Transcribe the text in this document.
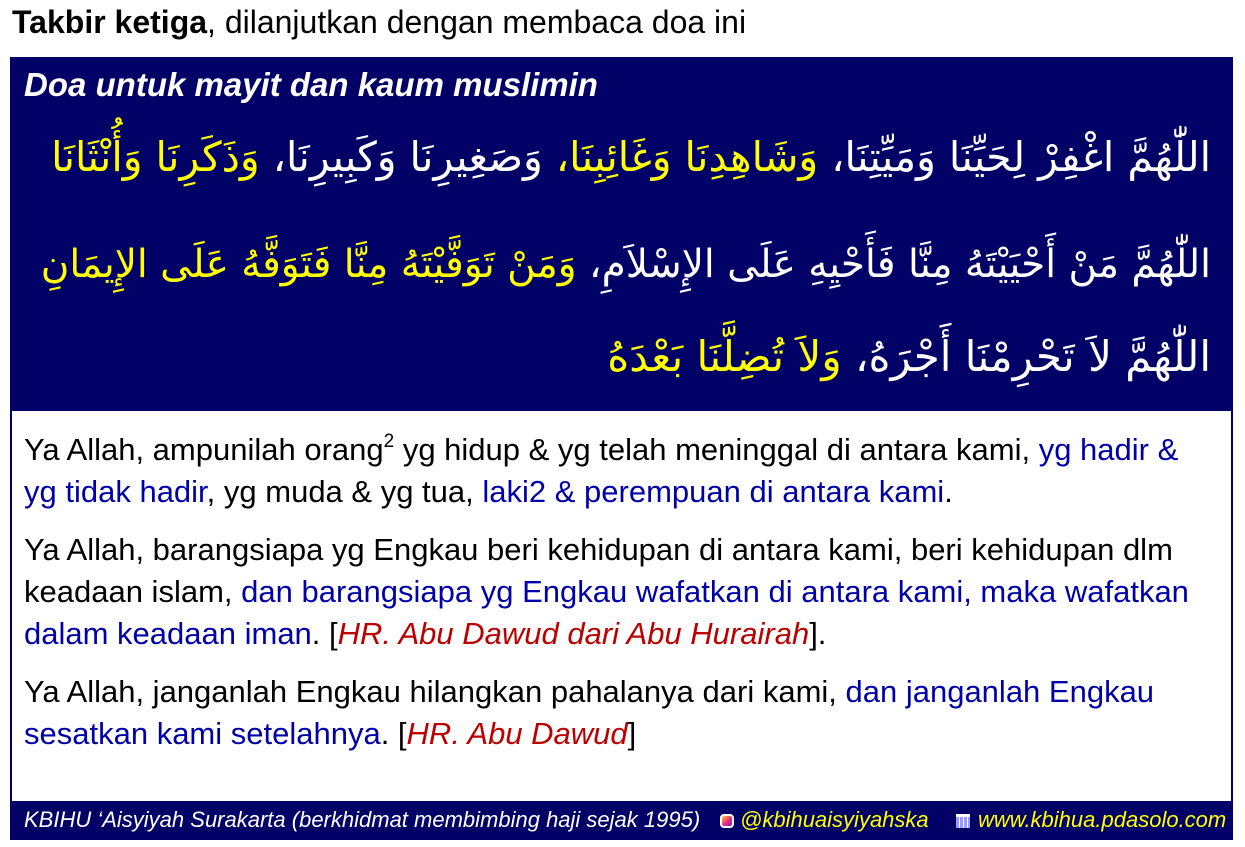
Takbir ketiga, dilanjutkan dengan membaca doa ini
Doa untuk mayit dan kaum muslimin
اللّٰهُمَّ اغْفِرْ لِحَيِّنَا وَمَيِّتِنَا، وَشَاهِدِنَا وَغَائِبِنَا، وَصَغِيرِنَا وَكَبِيرِنَا، وَذَكَرِنَا وَأُنْثَانَا
اللّٰهُمَّ مَنْ أَحْيَيْتَهُ مِنَّا فَأَحْيِهِ عَلَى الإِسْلاَمِ، وَمَنْ تَوَفَّيْتَهُ مِنَّا فَتَوَفَّهُ عَلَى الإِيمَانِ
اللّٰهُمَّ لاَ تَحْرِمْنَا أَجْرَهُ، وَلاَ تُضِلَّنَا بَعْدَهُ

Ya Allah, ampunilah orang$^2$ yg hidup & yg telah meninggal di antara kami, yg hadir & yg tidak hadir, yg muda & yg tua, laki2 & perempuan di antara kami.

Ya Allah, barangsiapa yg Engkau beri kehidupan di antara kami, beri kehidupan dlm keadaan islam, dan barangsiapa yg Engkau wafatkan di antara kami, maka wafatkan dalam keadaan iman. [HR. Abu Dawud dari Abu Hurairah].

Ya Allah, janganlah Engkau hilangkan pahalanya dari kami, dan janganlah Engkau sesatkan kami setelahnya. [HR. Abu Dawud]

KBIHU ‘Aisyiyah Surakarta (berkhidmat membimbing haji sejak 1995)	@kbihuaisyiyahska	www.kbihua.pdasolo.com
